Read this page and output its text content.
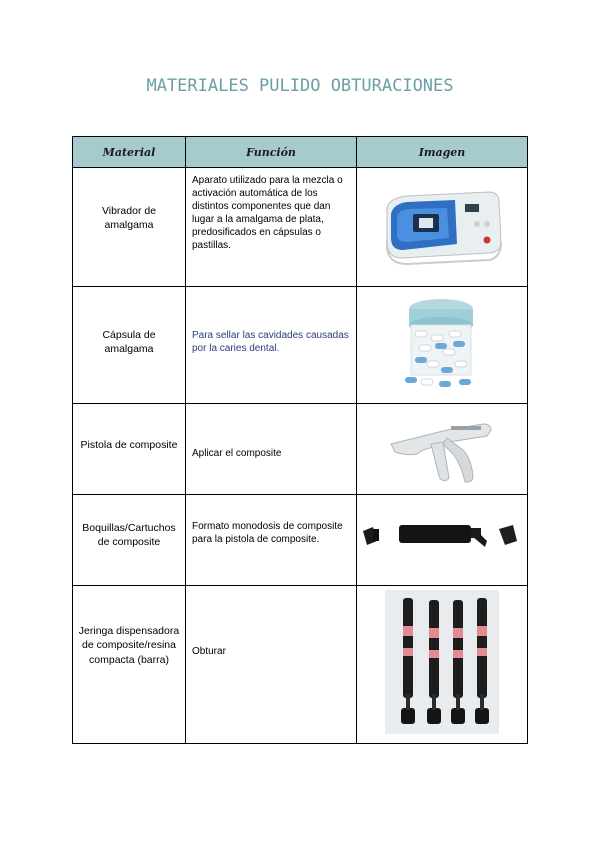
MATERIALES PULIDO OBTURACIONES
Material	Función	Imagen

Vibrador de amalgama	Aparato utilizado para la mezcla o activación automática de los distintos componentes que dan lugar a la amalgama de plata, predosificados en cápsulas o pastillas.

Cápsula de amalgama	Para sellar las cavidades causadas por la caries dental.

Pistola de composite	Aplicar el composite

Boquillas/Cartuchos de composite	Formato monodosis de composite para la pistola de composite.

Jeringa dispensadora de composite/resina compacta (barra)	Obturar
